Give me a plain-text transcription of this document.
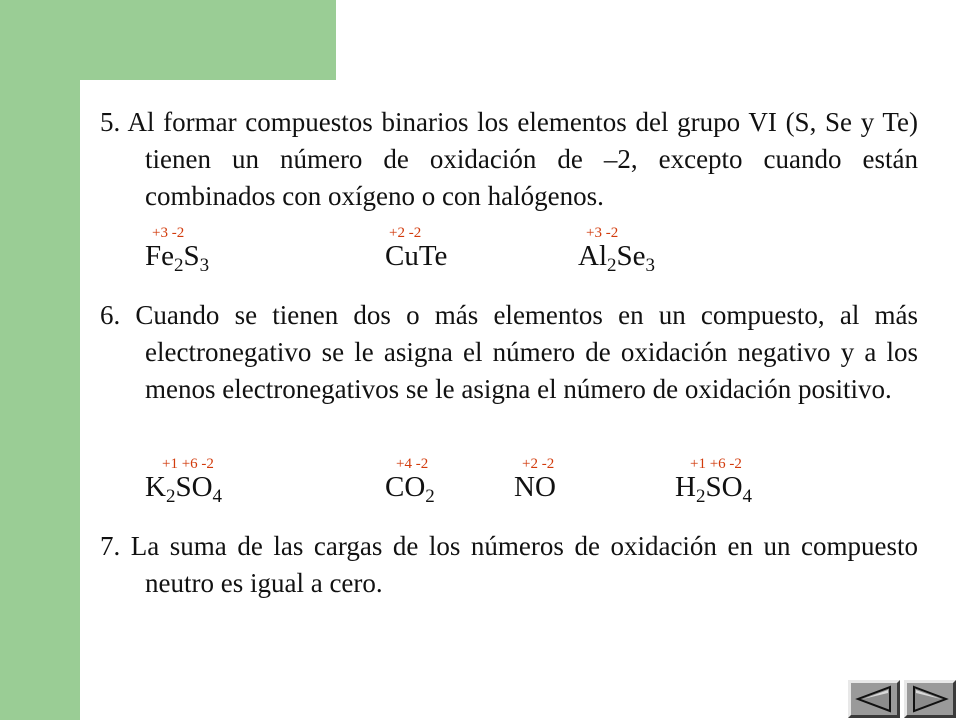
5. Al formar compuestos binarios los elementos del grupo VI (S, Se y Te) tienen un número de oxidación de –2, excepto cuando están combinados con oxígeno o con halógenos.
+3 -2
$Fe_2S_3$
+2 -2
CuTe
+3 -2
$Al_2Se_3$
6. Cuando se tienen dos o más elementos en un compuesto, al más electronegativo se le asigna el número de oxidación negativo y a los menos electronegativos se le asigna el número de oxidación positivo.
+1 +6 -2
$K_2SO_4$
+4 -2
$CO_2$
+2 -2
NO
+1 +6 -2
$H_2SO_4$
7. La suma de las cargas de los números de oxidación en un compuesto neutro es igual a cero.
